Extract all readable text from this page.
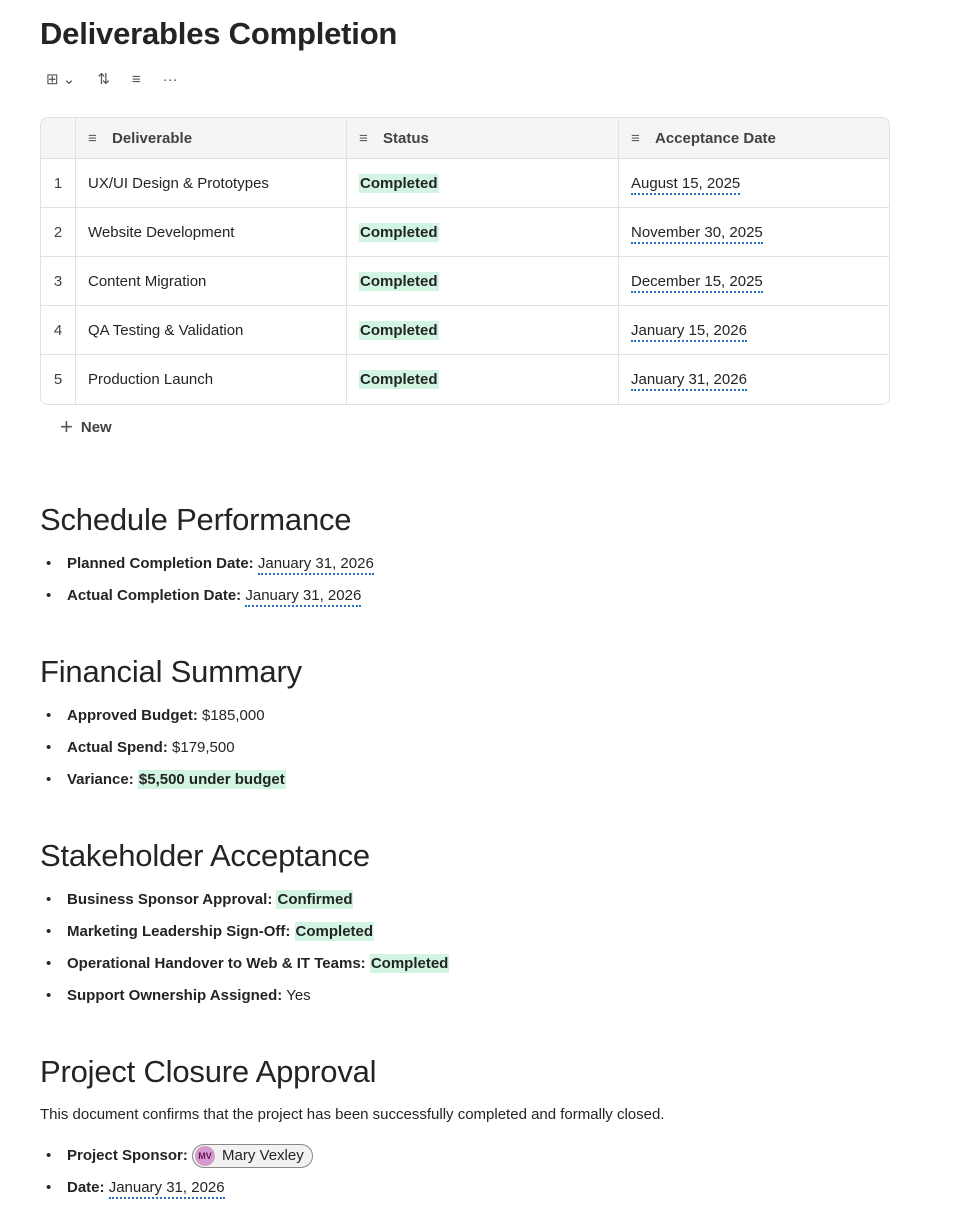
Deliverables Completion
⊞ ⌄ ⇅ ≡ ···
	≡ Deliverable	≡ Status	≡ Acceptance Date
1	UX/UI Design & Prototypes	Completed	August 15, 2025
2	Website Development	Completed	November 30, 2025
3	Content Migration	Completed	December 15, 2025
4	QA Testing & Validation	Completed	January 15, 2026
5	Production Launch	Completed	January 31, 2026
+ New
Schedule Performance
• Planned Completion Date: January 31, 2026
• Actual Completion Date: January 31, 2026
Financial Summary
• Approved Budget: $185,000
• Actual Spend: $179,500
• Variance: $5,500 under budget
Stakeholder Acceptance
• Business Sponsor Approval: Confirmed
• Marketing Leadership Sign-Off: Completed
• Operational Handover to Web & IT Teams: Completed
• Support Ownership Assigned: Yes
Project Closure Approval

This document confirms that the project has been successfully completed and formally closed.

• Project Sponsor:	MV Mary Vexley
• Date: January 31, 2026
